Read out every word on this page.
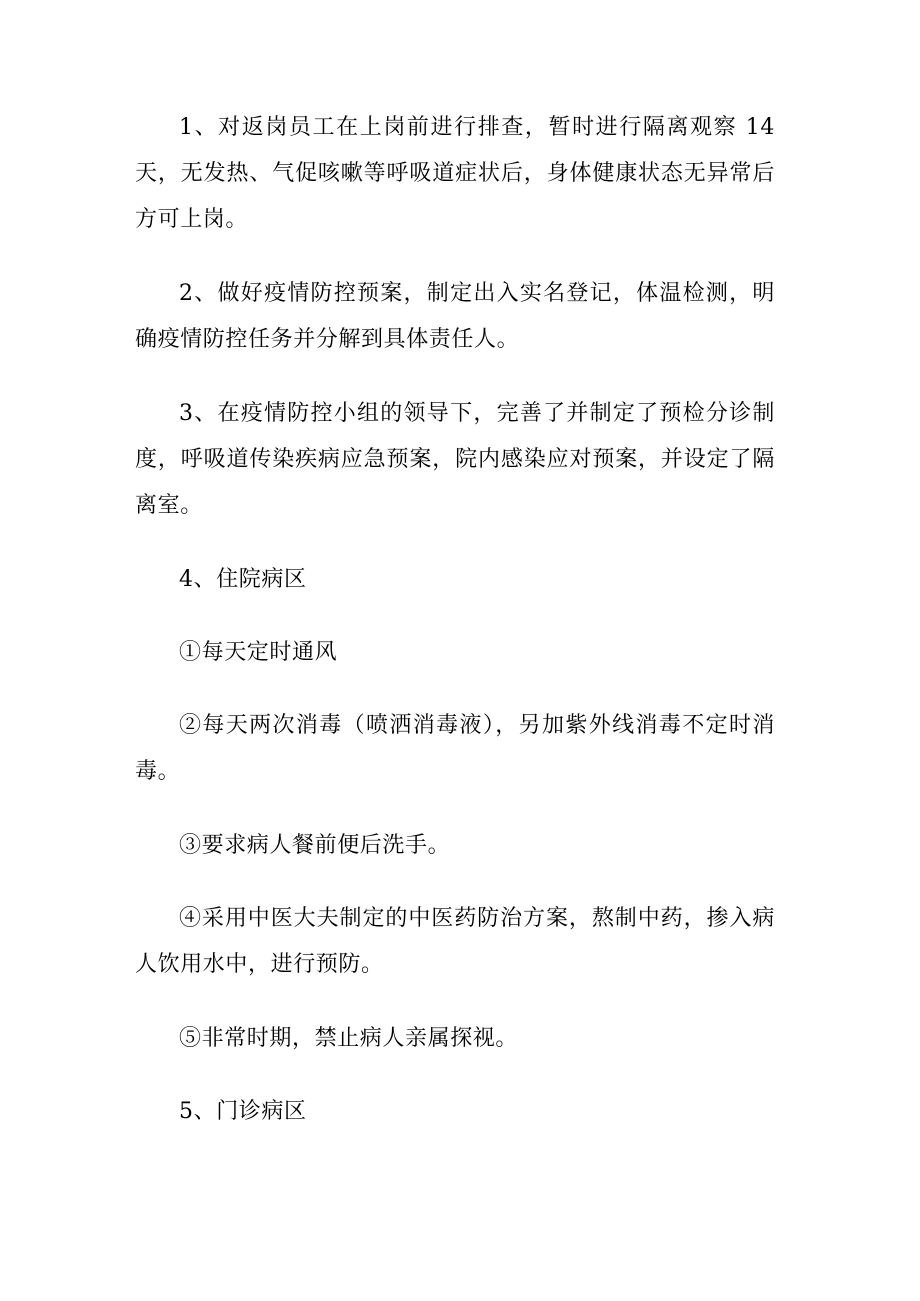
1、对返岗员工在上岗前进行排查，暂时进行隔离观察 14 天，无发热、气促咳嗽等呼吸道症状后，身体健康状态无异常后方可上岗。

2、做好疫情防控预案，制定出入实名登记，体温检测，明确疫情防控任务并分解到具体责任人。

3、在疫情防控小组的领导下，完善了并制定了预检分诊制度，呼吸道传染疾病应急预案，院内感染应对预案，并设定了隔离室。

4、住院病区

①每天定时通风

②每天两次消毒（喷洒消毒液），另加紫外线消毒不定时消毒。

③要求病人餐前便后洗手。

④采用中医大夫制定的中医药防治方案，熬制中药，掺入病人饮用水中，进行预防。

⑤非常时期，禁止病人亲属探视。

5、门诊病区
